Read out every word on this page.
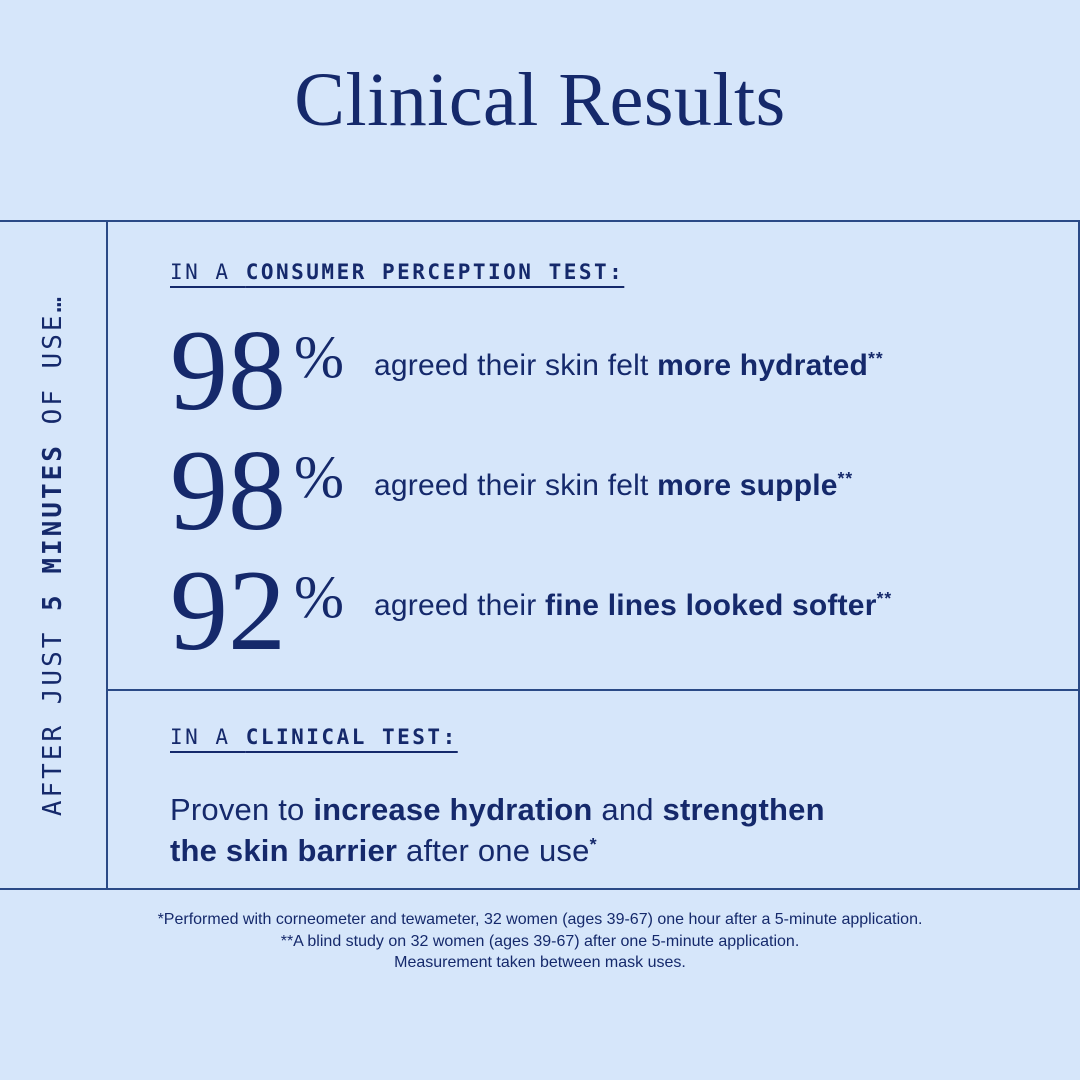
Clinical Results
AFTER JUST 5 MINUTES OF USE…
IN A CONSUMER PERCEPTION TEST:
98 % agreed their skin felt more hydrated**
98 % agreed their skin felt more supple**
92 % agreed their fine lines looked softer**
IN A CLINICAL TEST:
Proven to increase hydration and strengthen
the skin barrier after one use*
*Performed with corneometer and tewameter, 32 women (ages 39-67) one hour after a 5-minute application.
**A blind study on 32 women (ages 39-67) after one 5-minute application.
Measurement taken between mask uses.
